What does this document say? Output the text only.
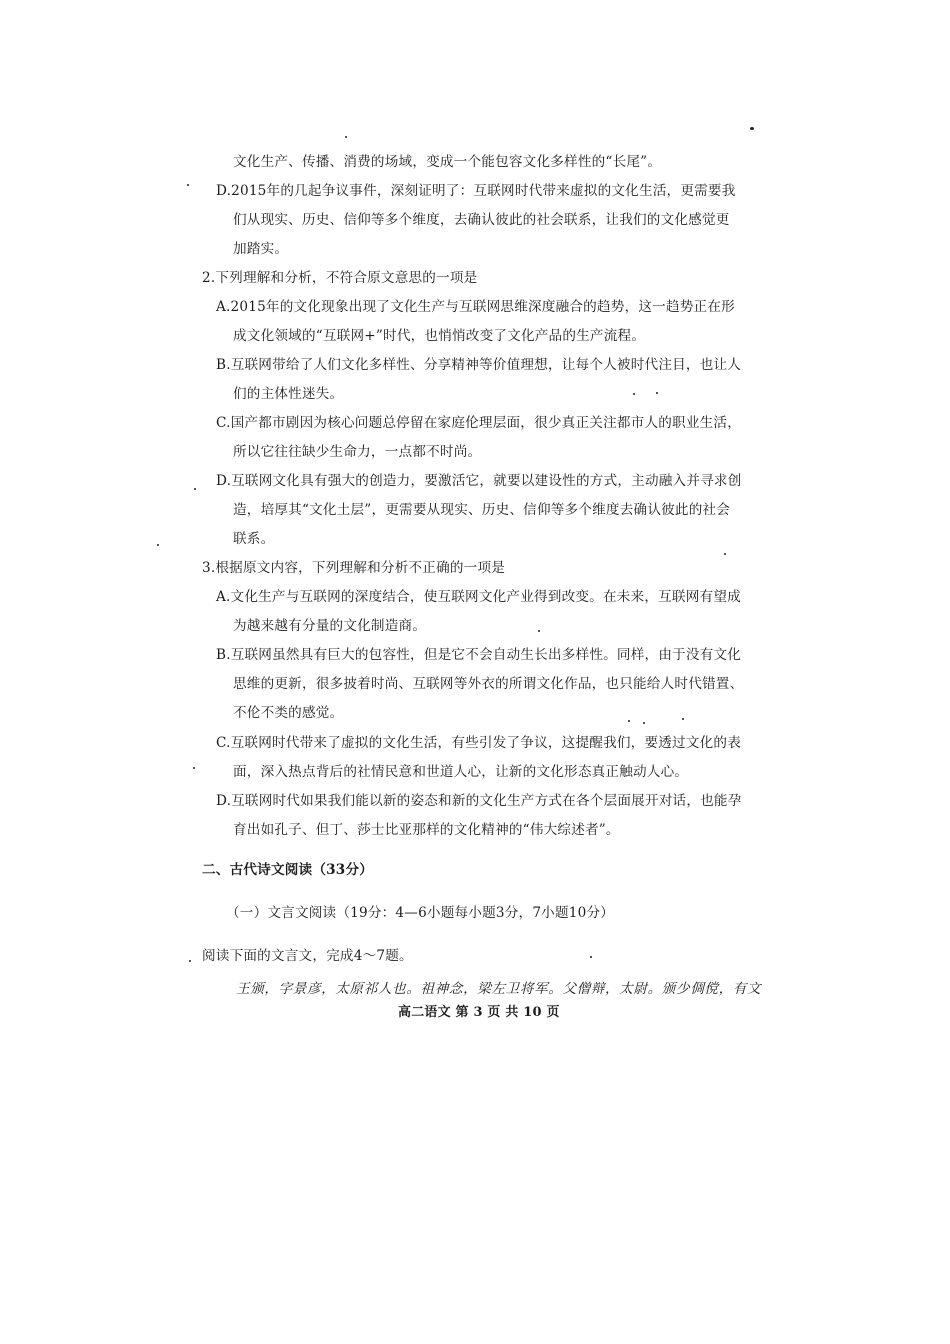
文化生产、传播、消费的场域，变成一个能包容文化多样性的“长尾”。
D.2015年的几起争议事件，深刻证明了：互联网时代带来虚拟的文化生活，更需要我
们从现实、历史、信仰等多个维度，去确认彼此的社会联系，让我们的文化感觉更
加踏实。
2.下列理解和分析，不符合原文意思的一项是
A.2015年的文化现象出现了文化生产与互联网思维深度融合的趋势，这一趋势正在形
成文化领域的“互联网+”时代，也悄悄改变了文化产品的生产流程。
B.互联网带给了人们文化多样性、分享精神等价值理想，让每个人被时代注目，也让人
们的主体性迷失。
C.国产都市剧因为核心问题总停留在家庭伦理层面，很少真正关注都市人的职业生活，
所以它往往缺少生命力，一点都不时尚。
D.互联网文化具有强大的创造力，要激活它，就要以建设性的方式，主动融入并寻求创
造，培厚其“文化土层”，更需要从现实、历史、信仰等多个维度去确认彼此的社会
联系。
3.根据原文内容，下列理解和分析不正确的一项是
A.文化生产与互联网的深度结合，使互联网文化产业得到改变。在未来，互联网有望成
为越来越有分量的文化制造商。
B.互联网虽然具有巨大的包容性，但是它不会自动生长出多样性。同样，由于没有文化
思维的更新，很多披着时尚、互联网等外衣的所谓文化作品，也只能给人时代错置、
不伦不类的感觉。
C.互联网时代带来了虚拟的文化生活，有些引发了争议，这提醒我们，要透过文化的表
面，深入热点背后的社情民意和世道人心，让新的文化形态真正触动人心。
D.互联网时代如果我们能以新的姿态和新的文化生产方式在各个层面展开对话，也能孕
育出如孔子、但丁、莎士比亚那样的文化精神的“伟大综述者”。
二、古代诗文阅读（33分）
（一）文言文阅读（19分：4—6小题每小题3分，7小题10分）
阅读下面的文言文，完成4～7题。
王颁，字景彦，太原祁人也。祖神念，梁左卫将军。父僧辩，太尉。颁少倜傥，有文
高二语文 第 3 页 共 10 页
